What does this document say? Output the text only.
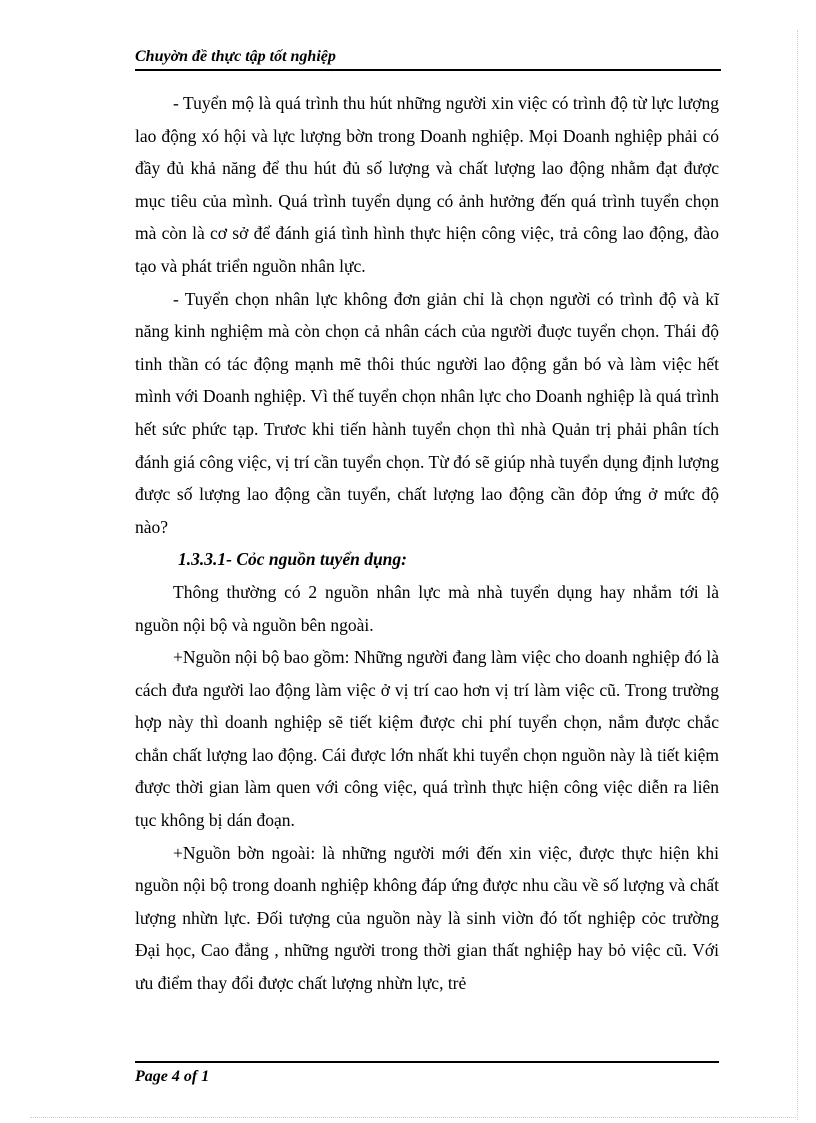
Chuyờn đề thực tập tốt nghiệp

- Tuyển mộ là quá trình thu hút những người xin việc có trình độ từ lực lượng lao động xó hội và lực lượng bờn trong Doanh nghiệp. Mọi Doanh nghiệp phải có đầy đủ khả năng để thu hút đủ số lượng và chất lượng lao động nhằm đạt được mục tiêu của mình. Quá trình tuyển dụng có ảnh hưởng đến quá trình tuyển chọn mà còn là cơ sở để đánh giá tình hình thực hiện công việc, trả công lao động, đào tạo và phát triển nguồn nhân lực.

- Tuyển chọn nhân lực không đơn giản chỉ là chọn người có trình độ và kĩ năng kinh nghiệm mà còn chọn cả nhân cách của người đuợc tuyển chọn. Thái độ tinh thần có tác động mạnh mẽ thôi thúc người lao động gắn bó và làm việc hết mình với Doanh nghiệp. Vì thế tuyển chọn nhân lực cho Doanh nghiệp là quá trình hết sức phức tạp. Trươc khi tiến hành tuyển chọn thì nhà Quản trị phải phân tích đánh giá công việc, vị trí cần tuyển chọn. Từ đó sẽ giúp nhà tuyển dụng định lượng được số lượng lao động cần tuyển, chất lượng lao động cần đỏp ứng ở mức độ nào?

1.3.3.1- Cỏc nguồn tuyển dụng:

Thông thường có 2 nguồn nhân lực mà nhà tuyển dụng hay nhắm tới là nguồn nội bộ và nguồn bên ngoài.

+Nguồn nội bộ bao gồm: Những người đang làm việc cho doanh nghiệp đó là cách đưa người lao động làm việc ở vị trí cao hơn vị trí làm việc cũ. Trong trường hợp này thì doanh nghiệp sẽ tiết kiệm được chi phí tuyển chọn, nắm được chắc chắn chất lượng lao động. Cái được lớn nhất khi tuyển chọn nguồn này là tiết kiệm được thời gian làm quen với công việc, quá trình thực hiện công việc diễn ra liên tục không bị dán đoạn.

+Nguồn bờn ngoài: là những người mới đến xin việc, được thực hiện khi nguồn nội bộ trong doanh nghiệp không đáp ứng được nhu cầu về số lượng và chất lượng nhừn lực. Đối tượng của nguồn này là sinh viờn đó tốt nghiệp cỏc trường Đại học, Cao đẳng , những người trong thời gian thất nghiệp hay bỏ việc cũ. Với ưu điểm thay đổi được chất lượng nhừn lực, trẻ

Page 4 of 1
